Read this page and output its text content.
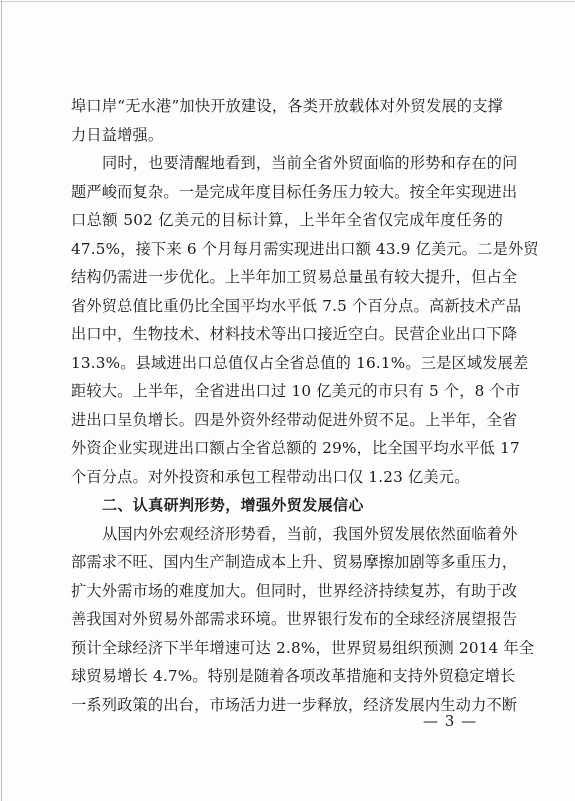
埠口岸“无水港”加快开放建设，各类开放载体对外贸发展的支撑
力日益增强。
同时，也要清醒地看到，当前全省外贸面临的形势和存在的问
题严峻而复杂。一是完成年度目标任务压力较大。按全年实现进出
口总额 502 亿美元的目标计算，上半年全省仅完成年度任务的
47.5%，接下来 6 个月每月需实现进出口额 43.9 亿美元。二是外贸
结构仍需进一步优化。上半年加工贸易总量虽有较大提升，但占全
省外贸总值比重仍比全国平均水平低 7.5 个百分点。高新技术产品
出口中，生物技术、材料技术等出口接近空白。民营企业出口下降
13.3%。县域进出口总值仅占全省总值的 16.1%。三是区域发展差
距较大。上半年，全省进出口过 10 亿美元的市只有 5 个，8 个市
进出口呈负增长。四是外资外经带动促进外贸不足。上半年，全省
外资企业实现进出口额占全省总额的 29%，比全国平均水平低 17
个百分点。对外投资和承包工程带动出口仅 1.23 亿美元。
二、认真研判形势，增强外贸发展信心
从国内外宏观经济形势看，当前，我国外贸发展依然面临着外
部需求不旺、国内生产制造成本上升、贸易摩擦加剧等多重压力，
扩大外需市场的难度加大。但同时，世界经济持续复苏，有助于改
善我国对外贸易外部需求环境。世界银行发布的全球经济展望报告
预计全球经济下半年增速可达 2.8%，世界贸易组织预测 2014 年全
球贸易增长 4.7%。特别是随着各项改革措施和支持外贸稳定增长
一系列政策的出台，市场活力进一步释放，经济发展内生动力不断
— 3 —
